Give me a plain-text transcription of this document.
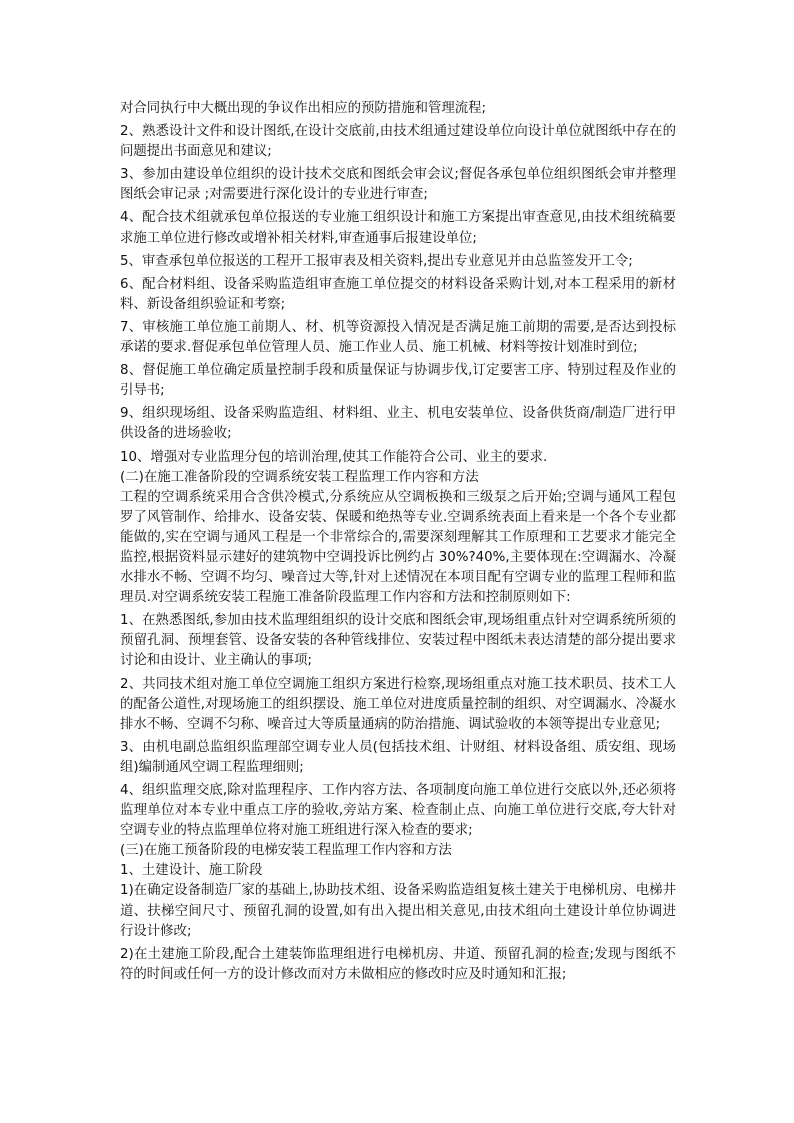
对合同执行中大概出现的争议作出相应的预防措施和管理流程;

2、熟悉设计文件和设计图纸,在设计交底前,由技术组通过建设单位向设计单位就图纸中存在的问题提出书面意见和建议;

3、参加由建设单位组织的设计技术交底和图纸会审会议;督促各承包单位组织图纸会审并整理图纸会审记录 ;对需要进行深化设计的专业进行审查;

4、配合技术组就承包单位报送的专业施工组织设计和施工方案提出审查意见,由技术组统稿要求施工单位进行修改或增补相关材料,审查通事后报建设单位;

5、审查承包单位报送的工程开工报审表及相关资料,提出专业意见并由总监签发开工令;

6、配合材料组、设备采购监造组审查施工单位提交的材料设备采购计划,对本工程采用的新材料、新设备组织验证和考察;

7、审核施工单位施工前期人、材、机等资源投入情况是否满足施工前期的需要,是否达到投标承诺的要求.督促承包单位管理人员、施工作业人员、施工机械、材料等按计划准时到位;

8、督促施工单位确定质量控制手段和质量保证与协调步伐,订定要害工序、特别过程及作业的引导书;

9、组织现场组、设备采购监造组、材料组、业主、机电安装单位、设备供货商/制造厂进行甲供设备的进场验收;

10、增强对专业监理分包的培训治理,使其工作能符合公司、业主的要求.

(二)在施工准备阶段的空调系统安装工程监理工作内容和方法

工程的空调系统采用合含供冷模式,分系统应从空调板换和三级泵之后开始;空调与通风工程包罗了风管制作、给排水、设备安装、保暖和绝热等专业.空调系统表面上看来是一个各个专业都能做的,实在空调与通风工程是一个非常综合的,需要深刻理解其工作原理和工艺要求才能完全监控,根据资料显示建好的建筑物中空调投诉比例约占 30%?40%,主要体现在:空调漏水、冷凝水排水不畅、空调不均匀、噪音过大等,针对上述情况在本项目配有空调专业的监理工程师和监理员.对空调系统安装工程施工准备阶段监理工作内容和方法和控制原则如下:

1、在熟悉图纸,参加由技术监理组组织的设计交底和图纸会审,现场组重点针对空调系统所须的预留孔洞、预埋套管、设备安装的各种管线排位、安装过程中图纸未表达清楚的部分提出要求讨论和由设计、业主确认的事项;

2、共同技术组对施工单位空调施工组织方案进行检察,现场组重点对施工技术职员、技术工人的配备公道性,对现场施工的组织摆设、施工单位对进度质量控制的组织、对空调漏水、冷凝水排水不畅、空调不匀称、噪音过大等质量通病的防治措施、调试验收的本领等提出专业意见;

3、由机电副总监组织监理部空调专业人员(包括技术组、计财组、材料设备组、质安组、现场组)编制通风空调工程监理细则;

4、组织监理交底,除对监理程序、工作内容方法、各项制度向施工单位进行交底以外,还必须将监理单位对本专业中重点工序的验收,旁站方案、检查制止点、向施工单位进行交底,夸大针对空调专业的特点监理单位将对施工班组进行深入检查的要求;

(三)在施工预备阶段的电梯安装工程监理工作内容和方法

1、土建设计、施工阶段

1)在确定设备制造厂家的基础上,协助技术组、设备采购监造组复核土建关于电梯机房、电梯井道、扶梯空间尺寸、预留孔洞的设置,如有出入提出相关意见,由技术组向土建设计单位协调进行设计修改;

2)在土建施工阶段,配合土建装饰监理组进行电梯机房、井道、预留孔洞的检查;发现与图纸不符的时间或任何一方的设计修改而对方未做相应的修改时应及时通知和汇报;
